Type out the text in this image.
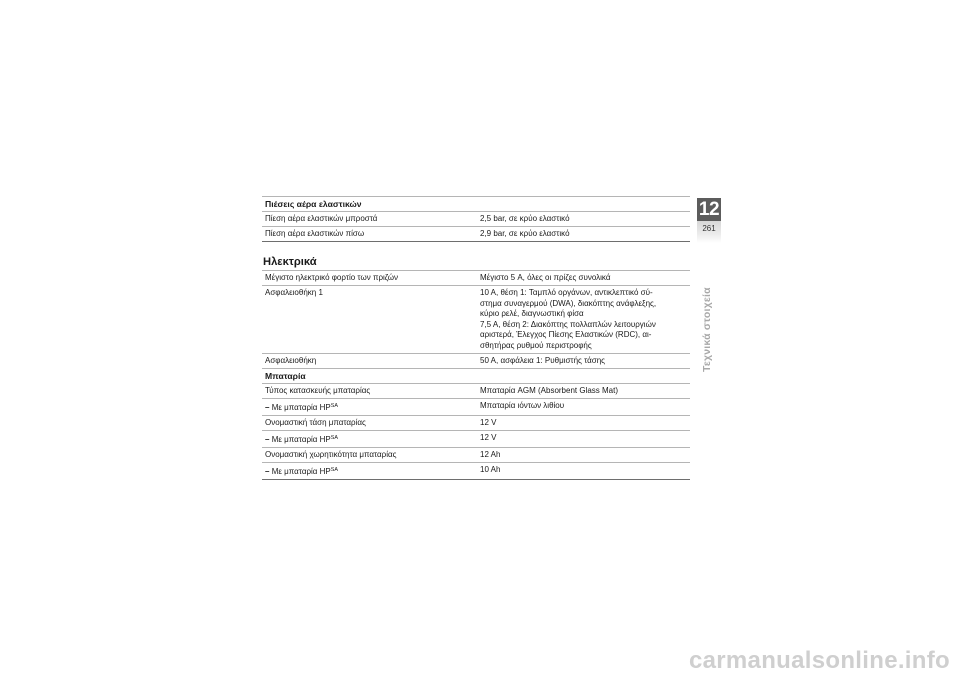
Πιέσεις αέρα ελαστικών
Πίεση αέρα ελαστικών μπροστά	2,5 bar, σε κρύο ελαστικό
Πίεση αέρα ελαστικών πίσω	2,9 bar, σε κρύο ελαστικό
Ηλεκτρικά
Μέγιστο ηλεκτρικό φορτίο των πριζών	Μέγιστο 5 A, όλες οι πρίζες συνολικά
Ασφαλειοθήκη 1	10 A, θέση 1: Ταμπλό οργάνων, αντικλεπτικό σύ-
στημα συναγερμού (DWA), διακόπτης ανάφλεξης,
κύριο ρελέ, διαγνωστική φίσα
7,5 A, θέση 2: Διακόπτης πολλαπλών λειτουργιών
αριστερά, Έλεγχος Πίεσης Ελαστικών (RDC), αι-
σθητήρας ρυθμού περιστροφής
Ασφαλειοθήκη	50 A, ασφάλεια 1: Ρυθμιστής τάσης
Μπαταρία
Τύπος κατασκευής μπαταρίας	Μπαταρία AGM (Absorbent Glass Mat)
– Με μπαταρία $HP^{SA}$	Μπαταρία ιόντων λιθίου
Ονομαστική τάση μπαταρίας	12 V
– Με μπαταρία $HP^{SA}$	12 V
Ονομαστική χωρητικότητα μπαταρίας	12 Ah
– Με μπαταρία $HP^{SA}$	10 Ah
12
261
Τεχνικά στοιχεία
carmanualsonline.info
